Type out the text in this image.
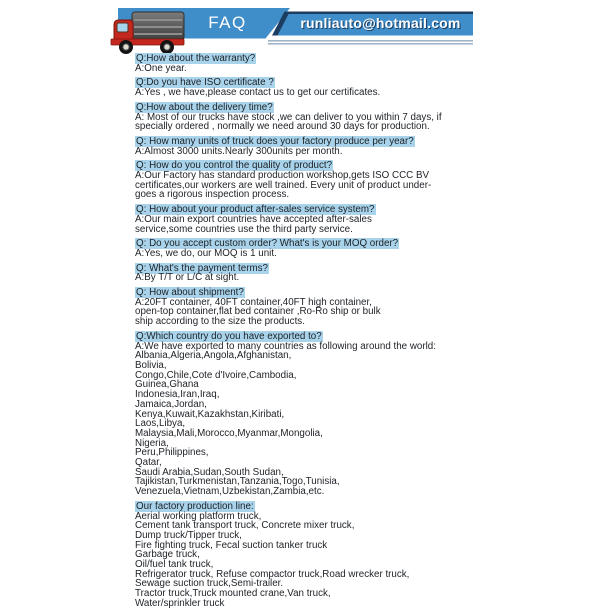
FAQ	runliauto@hotmail.com
Q:How about the warranty?
A:One year.
Q:Do you have ISO certificate ?
A:Yes , we have,please contact us to get our certificates.
Q:How about the delivery time?
A: Most of our trucks have stock ,we can deliver to you within 7 days, if
specially ordered , normally we need around 30 days for production.
Q: How many units of truck does your factory produce per year?
A:Almost 3000 units.Nearly 300units per month.
Q: How do you control the quality of product?
A:Our Factory has standard production workshop,gets ISO CCC BV
certificates,our workers are well trained. Every unit of product under-
goes a rigorous inspection process.
Q: How about your product after-sales service system?
A:Our main export countries have accepted after-sales
service,some countries use the third party service.
Q: Do you accept custom order? What's is your MOQ order?
A:Yes, we do, our MOQ is 1 unit.
Q: What's the payment terms?
A:By T/T or L/C at sight.
Q: How about shipment?
A:20FT container, 40FT container,40FT high container,
open-top container,flat bed container ,Ro-Ro ship or bulk
ship according to the size the products.
Q:Which country do you have exported to?
A:We have exported to many countries as following around the world:
Albania,Algeria,Angola,Afghanistan,
Bolivia,
Congo,Chile,Cote d'Ivoire,Cambodia,
Guinea,Ghana
Indonesia,Iran,Iraq,
Jamaica,Jordan,
Kenya,Kuwait,Kazakhstan,Kiribati,
Laos,Libya,
Malaysia,Mali,Morocco,Myanmar,Mongolia,
Nigeria,
Peru,Philippines,
Qatar,
Saudi Arabia,Sudan,South Sudan,
Tajikistan,Turkmenistan,Tanzania,Togo,Tunisia,
Venezuela,Vietnam,Uzbekistan,Zambia,etc.
Our factory production line:
Aerial working platform truck,
Cement tank transport truck, Concrete mixer truck,
Dump truck/Tipper truck,
Fire fighting truck, Fecal suction tanker truck
Garbage truck,
Oil/fuel tank truck,
Refrigerator truck, Refuse compactor truck,Road wrecker truck,
Sewage suction truck,Semi-trailer.
Tractor truck,Truck mounted crane,Van truck,
Water/sprinkler truck
